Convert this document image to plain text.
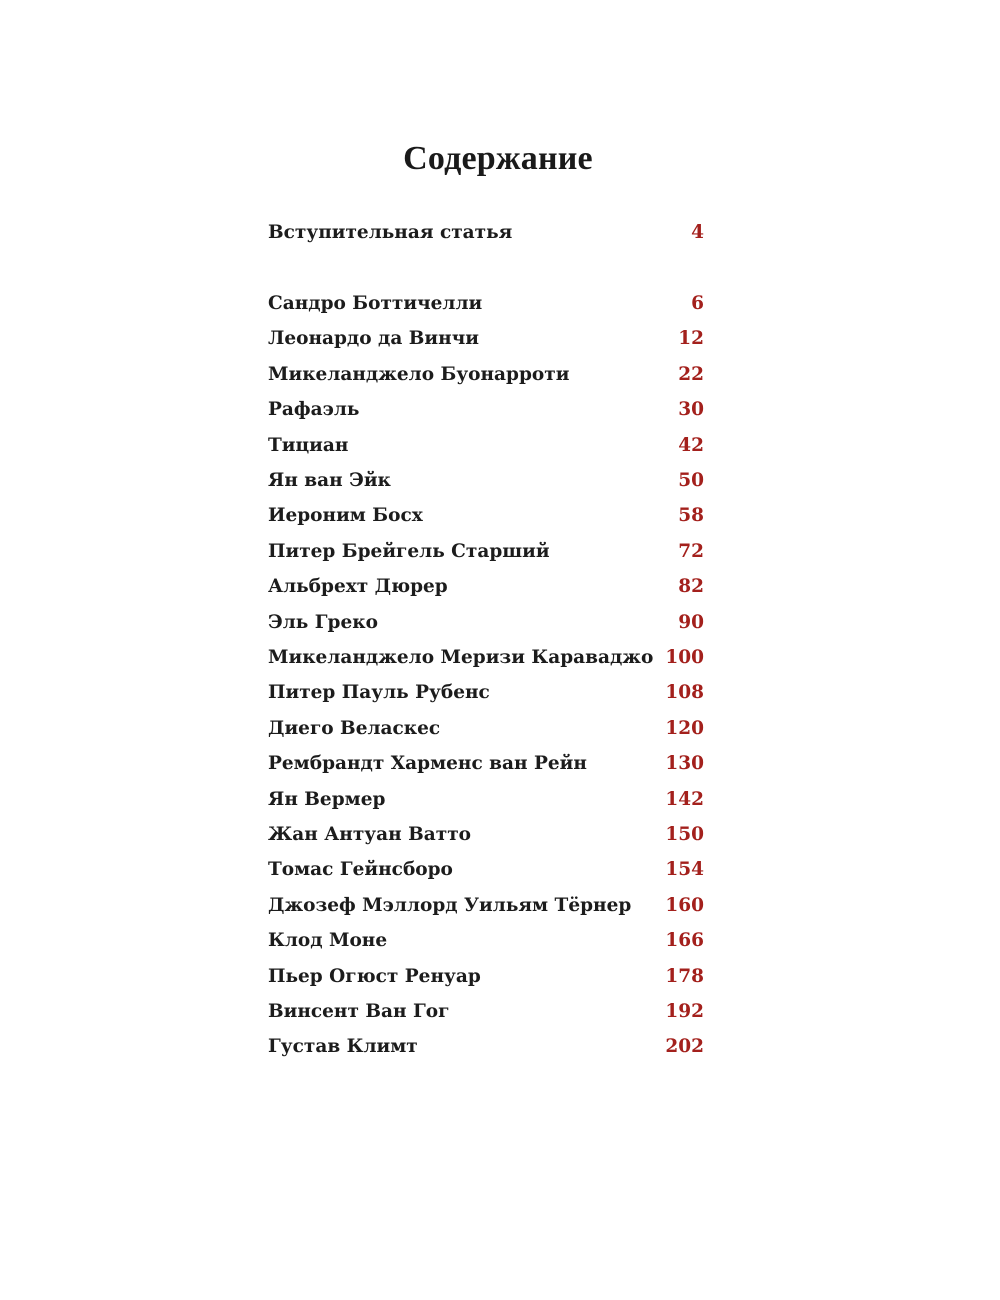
Содержание
Вступительная статья	4
Сандро Боттичелли	6
Леонардо да Винчи	12
Микеланджело Буонарроти	22
Рафаэль	30
Тициан	42
Ян ван Эйк	50
Иероним Босх	58
Питер Брейгель Старший	72
Альбрехт Дюрер	82
Эль Греко	90
Микеланджело Меризи Караваджо 100
Питер Пауль Рубенс	108
Диего Веласкес	120
Рембрандт Харменс ван Рейн	130
Ян Вермер	142
Жан Антуан Ватто	150
Томас Гейнсборо	154
Джозеф Мэллорд Уильям Тёрнер 160
Клод Моне	166
Пьер Огюст Ренуар	178
Винсент Ван Гог	192
Густав Климт	202
